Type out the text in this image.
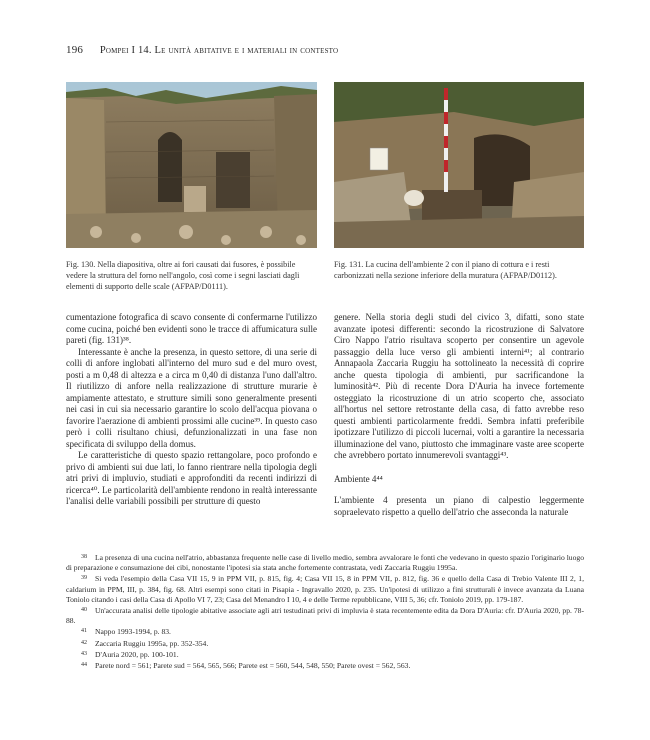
196 Pompei I 14. Le unità abitative e i materiali in contesto
Fig. 130. Nella diapositiva, oltre ai fori causati dai fusores, è possibile vedere la struttura del forno nell'angolo, così come i segni lasciati dagli elementi di supporto delle scale (AFPAP/D0111).
Fig. 131. La cucina dell'ambiente 2 con il piano di cottura e i resti carbonizzati nella sezione inferiore della muratura (AFPAP/D0112).

cumentazione fotografica di scavo consente di confermarne l'utilizzo come cucina, poiché ben evidenti sono le tracce di affumicatura sulle pareti (fig. 131)³⁸.

Interessante è anche la presenza, in questo settore, di una serie di colli di anfore inglobati all'interno del muro sud e del muro ovest, posti a m 0,48 di altezza e a circa m 0,40 di distanza l'uno dall'altro. Il riutilizzo di anfore nella realizzazione di strutture murarie è ampiamente attestato, e strutture simili sono generalmente presenti nei casi in cui sia necessario garantire lo scolo dell'acqua piovana o favorire l'aerazione di ambienti prossimi alle cucine³⁹. In questo caso però i colli risultano chiusi, defunzionalizzati in una fase non specificata di sviluppo della domus.

Le caratteristiche di questo spazio rettangolare, poco profondo e privo di ambienti sui due lati, lo fanno rientrare nella tipologia degli atri privi di impluvio, studiati e approfonditi da recenti indirizzi di ricerca⁴⁰. Le particolarità dell'ambiente rendono in realtà interessante l'analisi delle variabili possibili per strutture di questo

genere. Nella storia degli studi del civico 3, difatti, sono state avanzate ipotesi differenti: secondo la ricostruzione di Salvatore Ciro Nappo l'atrio risultava scoperto per consentire un agevole passaggio della luce verso gli ambienti interni⁴¹; al contrario Annapaola Zaccaria Ruggiu ha sottolineato la necessità di coprire anche questa tipologia di ambienti, pur sacrificandone la luminosità⁴². Più di recente Dora D'Auria ha invece fortemente osteggiato la ricostruzione di un atrio scoperto che, associato all'hortus nel settore retrostante della casa, di fatto avrebbe reso questi ambienti particolarmente freddi. Sembra infatti preferibile ipotizzare l'utilizzo di piccoli lucernai, volti a garantire la necessaria illuminazione del vano, piuttosto che immaginare vaste aree scoperte che avrebbero portato innumerevoli svantaggi⁴³.

Ambiente 4⁴⁴

L'ambiente 4 presenta un piano di calpestio leggermente sopraelevato rispetto a quello dell'atrio che asseconda la naturale

$^{38}$ La presenza di una cucina nell'atrio, abbastanza frequente nelle case di livello medio, sembra avvalorare le fonti che vedevano in questo spazio l'originario luogo di preparazione e consumazione dei cibi, nonostante l'ipotesi sia stata anche fortemente contrastata, vedi Zaccaria Ruggiu 1995a.

$^{39}$ Si veda l'esempio della Casa VII 15, 9 in PPM VII, p. 815, fig. 4; Casa VII 15, 8 in PPM VII, p. 812, fig. 36 e quello della Casa di Trebio Valente III 2, 1, caldarium in PPM, III, p. 384, fig. 68. Altri esempi sono citati in Pisapia - Ingravallo 2020, p. 235. Un'ipotesi di utilizzo a fini strutturali è invece avanzata da Luana Toniolo citando i casi della Casa di Apollo VI 7, 23; Casa del Menandro I 10, 4 e delle Terme repubblicane, VIII 5, 36; cfr. Toniolo 2019, pp. 179-187.

$^{40}$ Un'accurata analisi delle tipologie abitative associate agli atri testudinati privi di impluvia è stata recentemente edita da Dora D'Auria: cfr. D'Auria 2020, pp. 78-88.

$^{41}$ Nappo 1993-1994, p. 83.

$^{42}$ Zaccaria Ruggiu 1995a, pp. 352-354.

$^{43}$ D'Auria 2020, pp. 100-101.

$^{44}$ Parete nord = 561; Parete sud = 564, 565, 566; Parete est = 560, 544, 548, 550; Parete ovest = 562, 563.
